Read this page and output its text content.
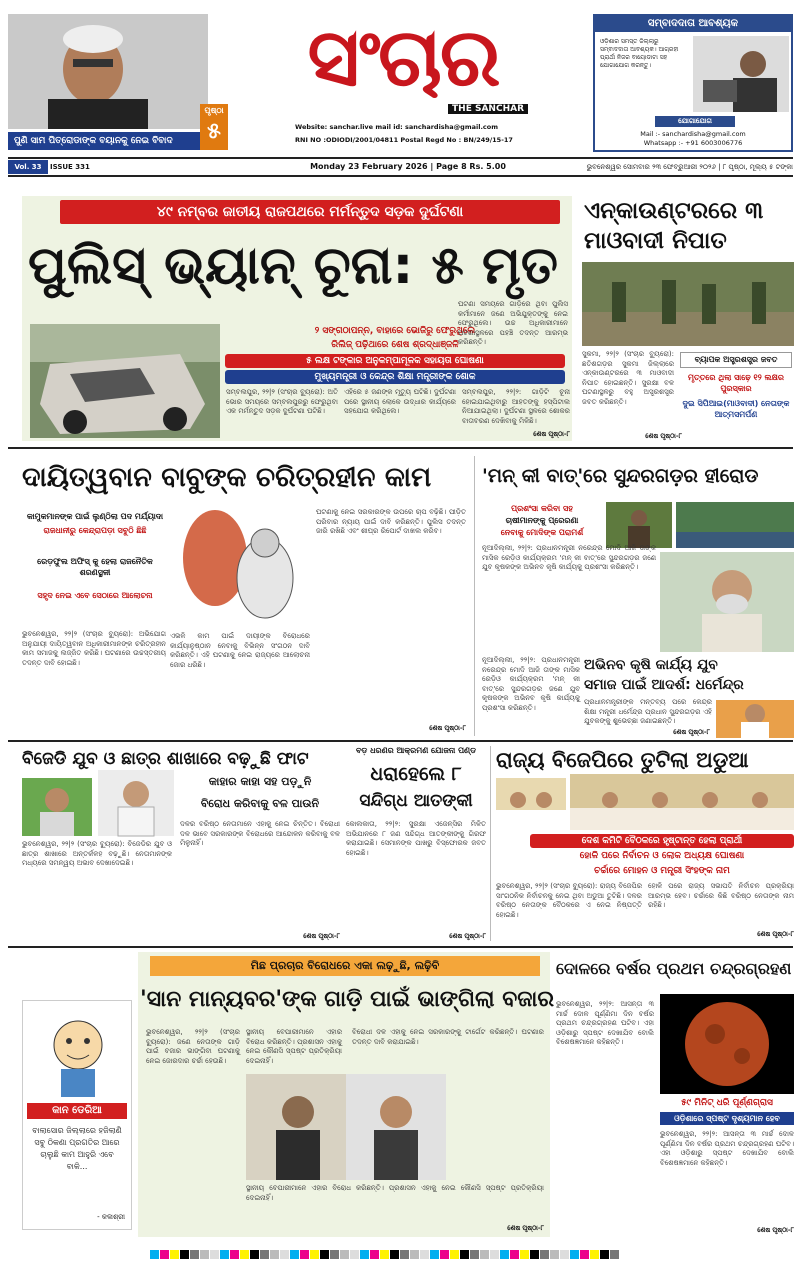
ପୁଣି ସାମ ପିତ୍ରୋଡାଙ୍କ ବୟାନକୁ ନେଇ ବିବାଦ
ପୃଷ୍ଠା
୫
ସଂଚାର
THE SANCHAR
Website: sanchar.live mail id: sanchardisha@gmail.com
RNI NO :ODIODI/2001/04811 Postal Regd No : BN/249/15-17
ସମ୍ବାଦଦାତା ଆବଶ୍ୟକ
ଓଡ଼ିଶାର ସମସ୍ତ ଜିଲ୍ଲାରୁ ସମ୍ବାଦଦାତା ଆବଶ୍ୟକ। ଆଗ୍ରହୀ ପ୍ରାର୍ଥୀ ନିଜର ବାୟୋଡାଟା ସହ ଯୋଗାଯୋଗ କରନ୍ତୁ।
ଯୋଗାଯୋଗ
Mail :- sanchardisha@gmail.com
Whatsapp :- +91 6003006776
Vol. 33	ISSUE 331	Monday 23 February 2026 | Page 8 Rs. 5.00	ଭୁବନେଶ୍ୱର ସୋମବାର ୨୩ ଫେବ୍ରୁଆରୀ ୨୦୨୬ | ୮ ପୃଷ୍ଠା, ମୂଲ୍ୟ ୫ ଟଙ୍କା
୪୯ ନମ୍ବର ଜାତୀୟ ରାଜପଥରେ ମର୍ମନ୍ତୁଦ ସଡ଼କ ଦୁର୍ଘଟଣା
ପୁଲିସ୍ ଭ୍ୟାନ୍ ଚୂନା: ୫ ମୃତ
୨ ସଙ୍ଗଠାପନ୍ନ, ବାହାରେ ଭୋଜିରୁ ଫେରୁଥିଲେ
ରିଲିଜ୍ ପଢ଼ିଥାରେ ଶେଷ ଶ୍ରଦ୍ଧାଞ୍ଜଳି
୫ ଲକ୍ଷ ଟଙ୍କାର ଅନୁକମ୍ପାମୂଳକ ସହାୟତା ଘୋଷଣା
ମୁଖ୍ୟମନ୍ତ୍ରୀ ଓ କେନ୍ଦ୍ର ଶିକ୍ଷା ମନ୍ତ୍ରୀଙ୍କ ଶୋକ

ସମ୍ବଲପୁର, ୨୨|୨ (ସଂଚାର ବ୍ୟୁରୋ): ଅତି ଭୋର ସମୟରେ ସମ୍ବଲପୁରରୁ ଫେରୁଥିବା ଏକ ମର୍ମନ୍ତୁଦ ସଡ଼କ ଦୁର୍ଘଟଣା ଘଟିଛି।

ଏହିରେ ୫ ଜଣଙ୍କ ମୃତ୍ୟୁ ଘଟିଛି। ଦୁର୍ଘଟଣା ପରେ ସ୍ଥାନୀୟ ଲୋକେ ଉଦ୍ଧାର କାର୍ଯ୍ୟରେ ସହଯୋଗ କରିଥିଲେ।

ସମ୍ବଲପୁର, ୨୨|୨: ଗାଡ଼ିଟି ଚୂନା ହୋଇଯାଇଥିବାରୁ ଆହତଙ୍କୁ ହସ୍ପିଟାଲ ନିଆଯାଇଥିଲା। ଦୁର୍ଘଟଣା ସ୍ଥଳରେ ଶୋକର ବାତାବରଣ ଦେଖିବାକୁ ମିଳିଛି।

ଘଟଣା ସମୟରେ ଗାଡ଼ିରେ ଥିବା ପୁଲିସ କର୍ମୀମାନେ ଜଣେ ଅଭିଯୁକ୍ତଙ୍କୁ ନେଇ ଫେରୁଥିଲେ। ଉଚ୍ଚ ଅଧିକାରୀମାନେ ଘଟଣାସ୍ଥଳରେ ପହଞ୍ଚି ତଦନ୍ତ ଆରମ୍ଭ କରିଛନ୍ତି।

ଶେଷ ପୃଷ୍ଠା-୮
ଏନ୍‌କାଉଣ୍ଟରରେ ୩
ମାଓବାଦୀ ନିପାତ

ସୁକମା, ୨୨|୨ (ସଂଚାର ବ୍ୟୁରୋ): ଛତିଶଗଡ଼ର ସୁକମା ଜିଲ୍ଲାରେ ଏନ୍‌କାଉଣ୍ଟରରେ ୩ ମାଓବାଦୀ ନିପାତ ହୋଇଛନ୍ତି। ସୁରକ୍ଷା ବଳ ଘଟଣାସ୍ଥଳରୁ ବହୁ ଅସ୍ତ୍ରଶସ୍ତ୍ର ଜବତ କରିଛନ୍ତି।

ବ୍ୟାପକ ଅସ୍ତ୍ରଶସ୍ତ୍ର ଜବତ
ମୃତ୍ତରେ ଥିଲା ସାଢ଼େ ୧୨ ଲକ୍ଷର ପୁରସ୍କାର
ଦୁଇ ସିପିଆଇ(ମାଓବାଦୀ) ନେତାଙ୍କ ଆତ୍ମସମର୍ପଣ
ଶେଷ ପୃଷ୍ଠା-୮
ଦାୟିତ୍ୱବାନ ବାବୁଙ୍କ ଚରିତ୍ରହୀନ କାମ
କାମୁକମାନଙ୍କ ପାଇଁ ଲୁଣ୍ଠିଲା ପଦ ମର୍ଯ୍ୟାଦା
ରାଜଧାନୀରୁ କେନ୍ଦ୍ରାପଡ଼ା ସବୁଠି ଛିଛି
ରେଡ଼ଫୁଲ ଅଫିସ୍ କୁ ହେଲା ରାଜନୈତିକ ଶରଣସ୍ଥଳୀ
ସହୃଦ ନେଇ ଏବେ ସେଠାରେ ଆଲୋଚନା

ଭୁବନେଶ୍ୱର, ୨୨|୨ (ସଂଚାର ବ୍ୟୁରୋ): ଅଭିଯୋଗ ଅନୁଯାୟୀ ଦାୟିତ୍ୱବାନ ଅଧିକାରୀମାନଙ୍କ ଚରିତ୍ରହୀନ କାମ ସମାଜକୁ ଲଜ୍ଜିତ କରିଛି। ଘଟଣାରେ ଉଚ୍ଚସ୍ତରୀୟ ତଦନ୍ତ ଦାବି ହୋଇଛି।

ଏଭଳି କାମ ପାଇଁ ଦାୟୀଙ୍କ ବିରୋଧରେ କାର୍ଯ୍ୟାନୁଷ୍ଠାନ ନେବାକୁ ବିଭିନ୍ନ ସଂଗଠନ ଦାବି କରିଛନ୍ତି। ଏହି ଘଟଣାକୁ ନେଇ ରାଜ୍ୟରେ ଆଲୋଚନା ଜୋର ଧରିଛି।

ଘଟଣାକୁ ନେଇ ସରକାରଙ୍କ ଉପରେ ଚାପ ବଢ଼ିଛି। ପୀଡ଼ିତ ପରିବାର ନ୍ୟାୟ ପାଇଁ ଦାବି କରିଛନ୍ତି। ପୁଲିସ ତଦନ୍ତ ଜାରି ରଖିଛି ଏବଂ ଶୀଘ୍ର ରିପୋର୍ଟ ଦାଖଲ କରିବ।

ଶେଷ ପୃଷ୍ଠା-୮
'ମନ୍ କୀ ବାତ୍'ରେ ସୁନ୍ଦରଗଡ଼ର ହୀରୋଡ
ପ୍ରଶଂସା କରିବା ସହ
ଚାଷୀମାନଙ୍କୁ ପ୍ରେରଣା
ନେବାକୁ ମୋଦିଙ୍କ ପରାମର୍ଶ

ନୂଆଦିଲ୍ଲୀ, ୨୨|୨: ପ୍ରଧାନମନ୍ତ୍ରୀ ନରେନ୍ଦ୍ର ମୋଦି ଆଜି ତାଙ୍କ ମାସିକ ରେଡ଼ିଓ କାର୍ଯ୍ୟକ୍ରମ 'ମନ୍ କୀ ବାତ୍'ରେ ସୁନ୍ଦରଗଡ଼ର ଜଣେ ଯୁବ କୃଷକଙ୍କ ଅଭିନବ କୃଷି କାର୍ଯ୍ୟକୁ ପ୍ରଶଂସା କରିଛନ୍ତି।

ଅଭିନବ କୃଷି କାର୍ଯ୍ୟ ଯୁବ
ସମାଜ ପାଇଁ ଆଦର୍ଶ: ଧର୍ମେନ୍ଦ୍ର

ନୂଆଦିଲ୍ଲୀ, ୨୨|୨: ପ୍ରଧାନମନ୍ତ୍ରୀ ନରେନ୍ଦ୍ର ମୋଦି ଆଜି ତାଙ୍କ ମାସିକ ରେଡ଼ିଓ କାର୍ଯ୍ୟକ୍ରମ 'ମନ୍ କୀ ବାତ୍'ରେ ସୁନ୍ଦରଗଡ଼ର ଜଣେ ଯୁବ କୃଷକଙ୍କ ଅଭିନବ କୃଷି କାର୍ଯ୍ୟକୁ ପ୍ରଶଂସା କରିଛନ୍ତି।

ପ୍ରଧାନମନ୍ତ୍ରୀଙ୍କ ମନ୍ତବ୍ୟ ପରେ କେନ୍ଦ୍ର ଶିକ୍ଷା ମନ୍ତ୍ରୀ ଧର୍ମେନ୍ଦ୍ର ପ୍ରଧାନ ସୁନ୍ଦରଗଡ଼ର ଏହି ଯୁବକଙ୍କୁ ଶୁଭେଚ୍ଛା ଜଣାଇଛନ୍ତି।

ଶେଷ ପୃଷ୍ଠା-୮
ବିଜେଡି ଯୁବ ଓ ଛାତ୍ର ଶାଖାରେ ବଢ଼ୁଛି ଫାଟ
କାହାର କାହା ସହ ପଡ଼ୁନି
ବିରୋଧ କରିବାକୁ ବଳ ପାଉନି

ଭୁବନେଶ୍ୱର, ୨୨|୨ (ସଂଚାର ବ୍ୟୁରୋ): ବିଜେଡିର ଯୁବ ଓ ଛାତ୍ର ଶାଖାରେ ଅନ୍ତର୍କଳହ ବଢ଼ୁଛି। ନେତାମାନଙ୍କ ମଧ୍ୟରେ ସମନ୍ୱୟ ଅଭାବ ଦେଖାଦେଇଛି।

ଦଳର ବରିଷ୍ଠ ନେତାମାନେ ଏହାକୁ ନେଇ ଚିନ୍ତିତ। ବିରୋଧୀ ଦଳ ଭାବେ ସରକାରଙ୍କ ବିରୋଧରେ ଆନ୍ଦୋଳନ କରିବାକୁ ବଳ ମିଳୁନାହିଁ।

ଶେଷ ପୃଷ୍ଠା-୮
ବଡ଼ ଧରଣର ଆକ୍ରମଣ ଯୋଜନା ପଣ୍ଡ
ଧରାହେଲେ ୮
ସନ୍ଦିଗ୍ଧ ଆତଙ୍କୀ

କୋଲକାତା, ୨୨|୨: ସୁରକ୍ଷା ଏଜେନ୍ସିର ମିଳିତ ଅଭିଯାନରେ ୮ ଜଣ ସନ୍ଦିଗ୍ଧ ଆତଙ୍କୀଙ୍କୁ ଗିରଫ କରାଯାଇଛି। ସେମାନଙ୍କ ପାଖରୁ ବିସ୍ଫୋରକ ଜବତ ହୋଇଛି।

ଶେଷ ପୃଷ୍ଠା-୮
ରାଜ୍ୟ ବିଜେପିରେ ତୁଟିଲା ଅଡୁଆ
ଦେଶ କମିଟି ବୈଠକରେ ହୃଷ୍ଟାନ୍ତ ହେଲା ପ୍ରାର୍ଥୀ
ହୋଳି ପରେ ନିର୍ବାଚନ ଓ ଲୋକ ଅଧ୍ୟକ୍ଷ ଘୋଷଣା
ଚର୍ଚ୍ଚାରେ ମୋହନ ଓ ମନ୍ତ୍ରୀ ସିଂହଙ୍କ ନାମ

ଭୁବନେଶ୍ୱର, ୨୨|୨ (ସଂଚାର ବ୍ୟୁରୋ): ରାଜ୍ୟ ବିଜେପିର ସାଂଗଠନିକ ନିର୍ବାଚନକୁ ନେଇ ଥିବା ଅଡୁଆ ତୁଟିଛି। ଦଳର ବରିଷ୍ଠ ନେତାଙ୍କ ବୈଠକରେ ଏ ନେଇ ନିଷ୍ପତ୍ତି ହୋଇଛି।

ହୋଳି ପରେ ରାଜ୍ୟ ସଭାପତି ନିର୍ବାଚନ ପ୍ରକ୍ରିୟା ଆରମ୍ଭ ହେବ। ଚର୍ଚ୍ଚାରେ କିଛି ବରିଷ୍ଠ ନେତାଙ୍କ ନାମ ରହିଛି।

ଶେଷ ପୃଷ୍ଠା-୮
କାନ ଡେରିଆ
ବାଲାସୋର ଜିଲ୍ଲାରେ ହଜିଲାଣି ସବୁ ଠିକଣା ପ୍ରଗତିର ଆରେ ଚାଲୁଛି କାମ ଆହୁରି ଏବେ ବାକି...
- କଳାଶ୍ରୀ
ମିଛ ପ୍ରଚାର ବିରୋଧରେ ଏକା ଲଢ଼ୁଛି, ଲଢ଼ିବି
'ସାନ ମାନ୍ୟବର'ଙ୍କ ଗାଡ଼ି ପାଇଁ ଭାଙ୍ଗିଲା ବଜାର

ଭୁବନେଶ୍ୱର, ୨୨|୨ (ସଂଚାର ବ୍ୟୁରୋ): ଜଣେ ନେତାଙ୍କ ଗାଡ଼ି ପାଇଁ ବଜାର ଭାଙ୍ଗିବା ଘଟଣାକୁ ନେଇ ଜୋରଦାର ଚର୍ଚ୍ଚା ହେଉଛି।

ସ୍ଥାନୀୟ ବେପାରୀମାନେ ଏହାର ବିରୋଧ କରିଛନ୍ତି। ପ୍ରଶାସନ ଏହାକୁ ନେଇ କୌଣସି ସ୍ପଷ୍ଟ ପ୍ରତିକ୍ରିୟା ଦେଇନାହିଁ।

ବିରୋଧୀ ଦଳ ଏହାକୁ ନେଇ ସରକାରଙ୍କୁ ଟାର୍ଗେଟ କରିଛନ୍ତି। ଘଟଣାର ତଦନ୍ତ ଦାବି କରାଯାଇଛି।

ସ୍ଥାନୀୟ ବେପାରୀମାନେ ଏହାର ବିରୋଧ କରିଛନ୍ତି। ପ୍ରଶାସନ ଏହାକୁ ନେଇ କୌଣସି ସ୍ପଷ୍ଟ ପ୍ରତିକ୍ରିୟା ଦେଇନାହିଁ।

ଶେଷ ପୃଷ୍ଠା-୮
ଦୋଳରେ ବର୍ଷର ପ୍ରଥମ ଚନ୍ଦ୍ରଗ୍ରହଣ

ଭୁବନେଶ୍ୱର, ୨୨|୨: ଆସନ୍ତା ୩ ମାର୍ଚ୍ଚ ଦୋଳ ପୂର୍ଣ୍ଣିମା ଦିନ ବର୍ଷର ପ୍ରଥମ ଚନ୍ଦ୍ରଗ୍ରହଣ ଘଟିବ। ଏହା ଓଡ଼ିଶାରୁ ସ୍ପଷ୍ଟ ଦେଖାଯିବ ବୋଲି ବିଶେଷଜ୍ଞମାନେ କହିଛନ୍ତି।

୫୯ ମିନିଟ୍ ଧରି ପୂର୍ଣ୍ଣଗ୍ରାସ
ଓଡ଼ିଶାରେ ସ୍ପଷ୍ଟ ଦୃଶ୍ୟମାନ ହେବ

ଭୁବନେଶ୍ୱର, ୨୨|୨: ଆସନ୍ତା ୩ ମାର୍ଚ୍ଚ ଦୋଳ ପୂର୍ଣ୍ଣିମା ଦିନ ବର୍ଷର ପ୍ରଥମ ଚନ୍ଦ୍ରଗ୍ରହଣ ଘଟିବ। ଏହା ଓଡ଼ିଶାରୁ ସ୍ପଷ୍ଟ ଦେଖାଯିବ ବୋଲି ବିଶେଷଜ୍ଞମାନେ କହିଛନ୍ତି।

ଶେଷ ପୃଷ୍ଠା-୮
